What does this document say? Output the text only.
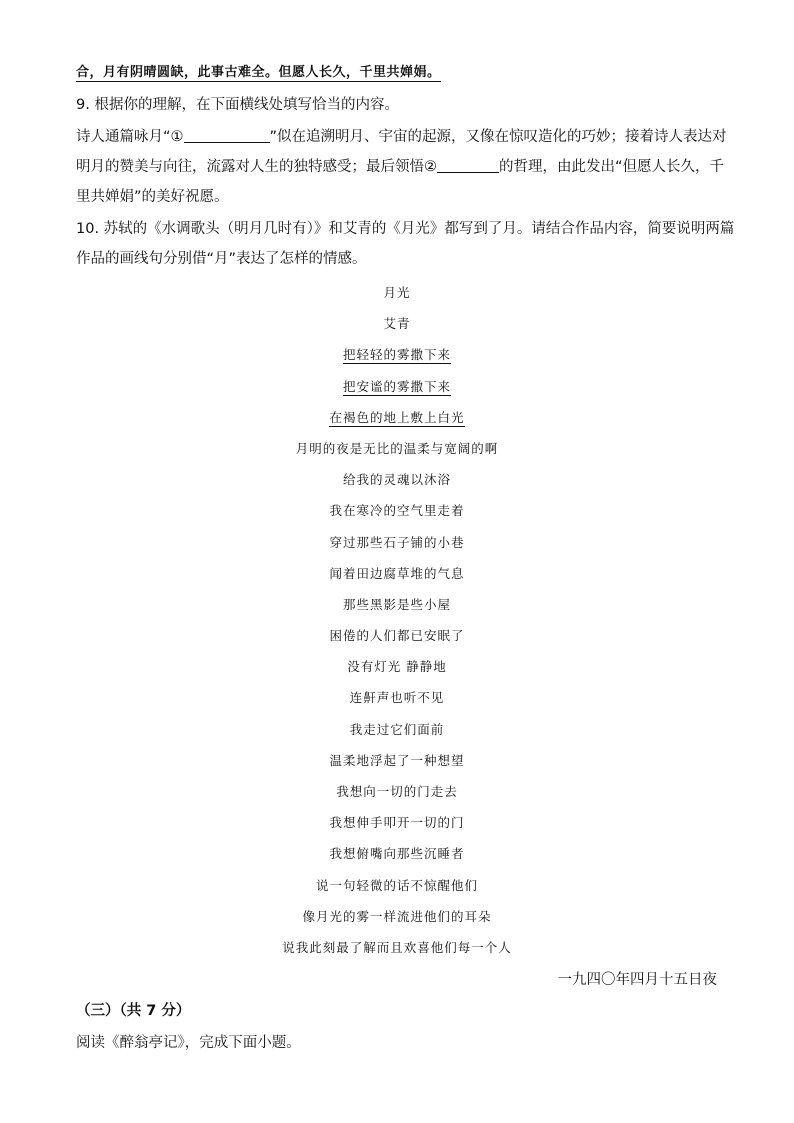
合，月有阴晴圆缺，此事古难全。但愿人长久，千里共婵娟。
9. 根据你的理解，在下面横线处填写恰当的内容。
诗人通篇咏月“①	”似在追溯明月、宇宙的起源，又像在惊叹造化的巧妙；接着诗人表达对
明月的赞美与向往，流露对人生的独特感受；最后领悟②	的哲理，由此发出“但愿人长久，千
里共婵娟”的美好祝愿。
10. 苏轼的《水调歌头（明月几时有）》和艾青的《月光》都写到了月。请结合作品内容，简要说明两篇
作品的画线句分别借“月”表达了怎样的情感。
月光
艾青
把轻轻的雾撒下来
把安谧的雾撒下来
在褐色的地上敷上白光
月明的夜是无比的温柔与宽阔的啊
给我的灵魂以沐浴
我在寒冷的空气里走着
穿过那些石子铺的小巷
闻着田边腐草堆的气息
那些黑影是些小屋
困倦的人们都已安眠了
没有灯光 静静地
连鼾声也听不见
我走过它们面前
温柔地浮起了一种想望
我想向一切的门走去
我想伸手叩开一切的门
我想俯嘴向那些沉睡者
说一句轻微的话不惊醒他们
像月光的雾一样流进他们的耳朵
说我此刻最了解而且欢喜他们每一个人
一九四〇年四月十五日夜
（三）（共 7 分）
阅读《醉翁亭记》，完成下面小题。
